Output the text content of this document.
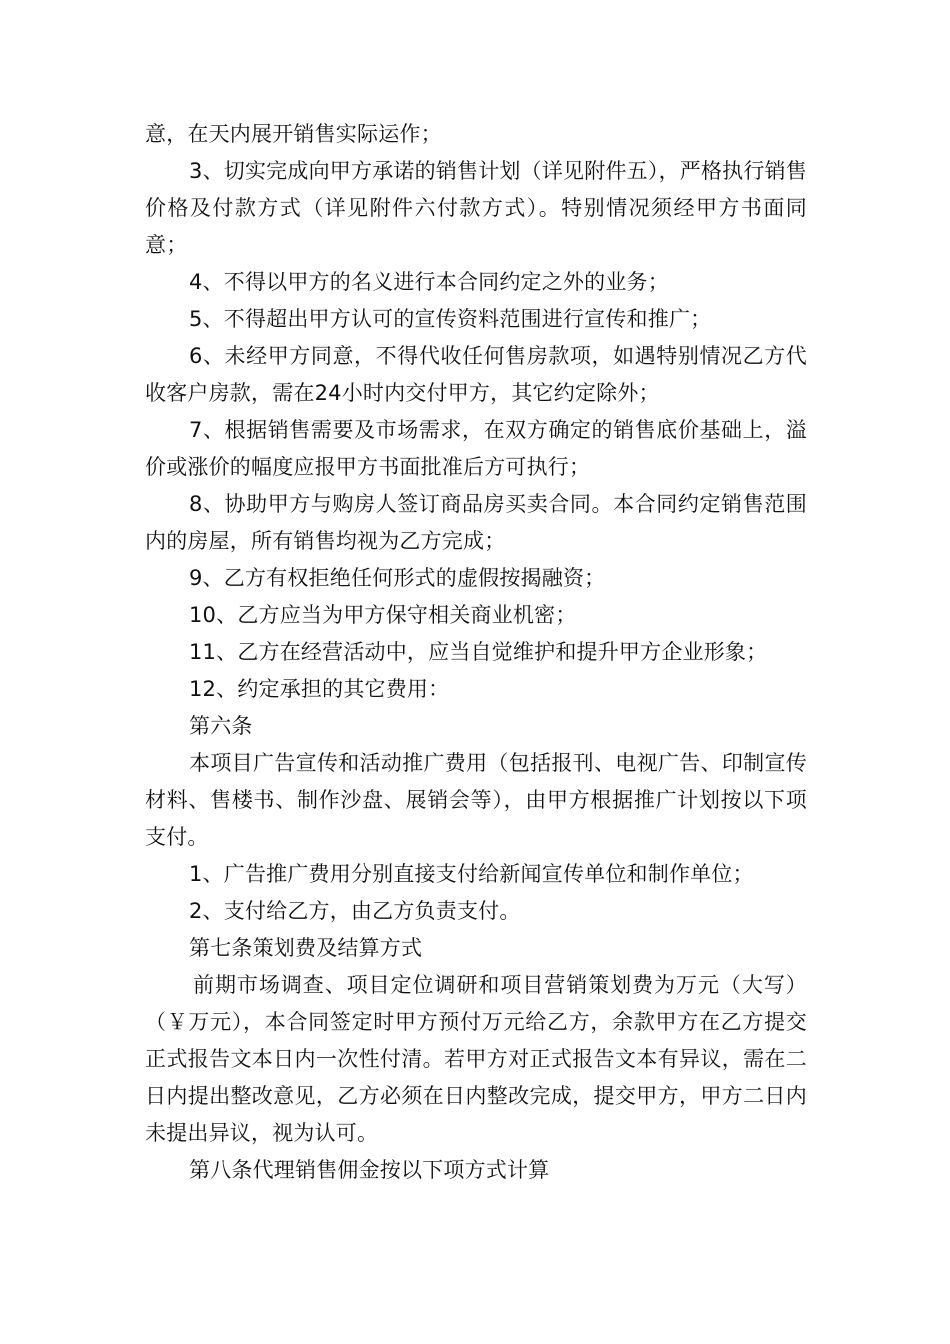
意，在天内展开销售实际运作；

3、切实完成向甲方承诺的销售计划（详见附件五），严格执行销售价格及付款方式（详见附件六付款方式）。特别情况须经甲方书面同意；

4、不得以甲方的名义进行本合同约定之外的业务；

5、不得超出甲方认可的宣传资料范围进行宣传和推广；

6、未经甲方同意，不得代收任何售房款项，如遇特别情况乙方代收客户房款，需在24小时内交付甲方，其它约定除外；

7、根据销售需要及市场需求，在双方确定的销售底价基础上，溢价或涨价的幅度应报甲方书面批准后方可执行；

8、协助甲方与购房人签订商品房买卖合同。本合同约定销售范围内的房屋，所有销售均视为乙方完成；

9、乙方有权拒绝任何形式的虚假按揭融资；

10、乙方应当为甲方保守相关商业机密；

11、乙方在经营活动中，应当自觉维护和提升甲方企业形象；

12、约定承担的其它费用：

第六条

本项目广告宣传和活动推广费用（包括报刊、电视广告、印制宣传材料、售楼书、制作沙盘、展销会等），由甲方根据推广计划按以下项支付。

1、广告推广费用分别直接支付给新闻宣传单位和制作单位；

2、支付给乙方，由乙方负责支付。

第七条策划费及结算方式

前期市场调查、项目定位调研和项目营销策划费为万元（大写）（￥万元），本合同签定时甲方预付万元给乙方，余款甲方在乙方提交正式报告文本日内一次性付清。若甲方对正式报告文本有异议，需在二日内提出整改意见，乙方必须在日内整改完成，提交甲方，甲方二日内未提出异议，视为认可。

第八条代理销售佣金按以下项方式计算
